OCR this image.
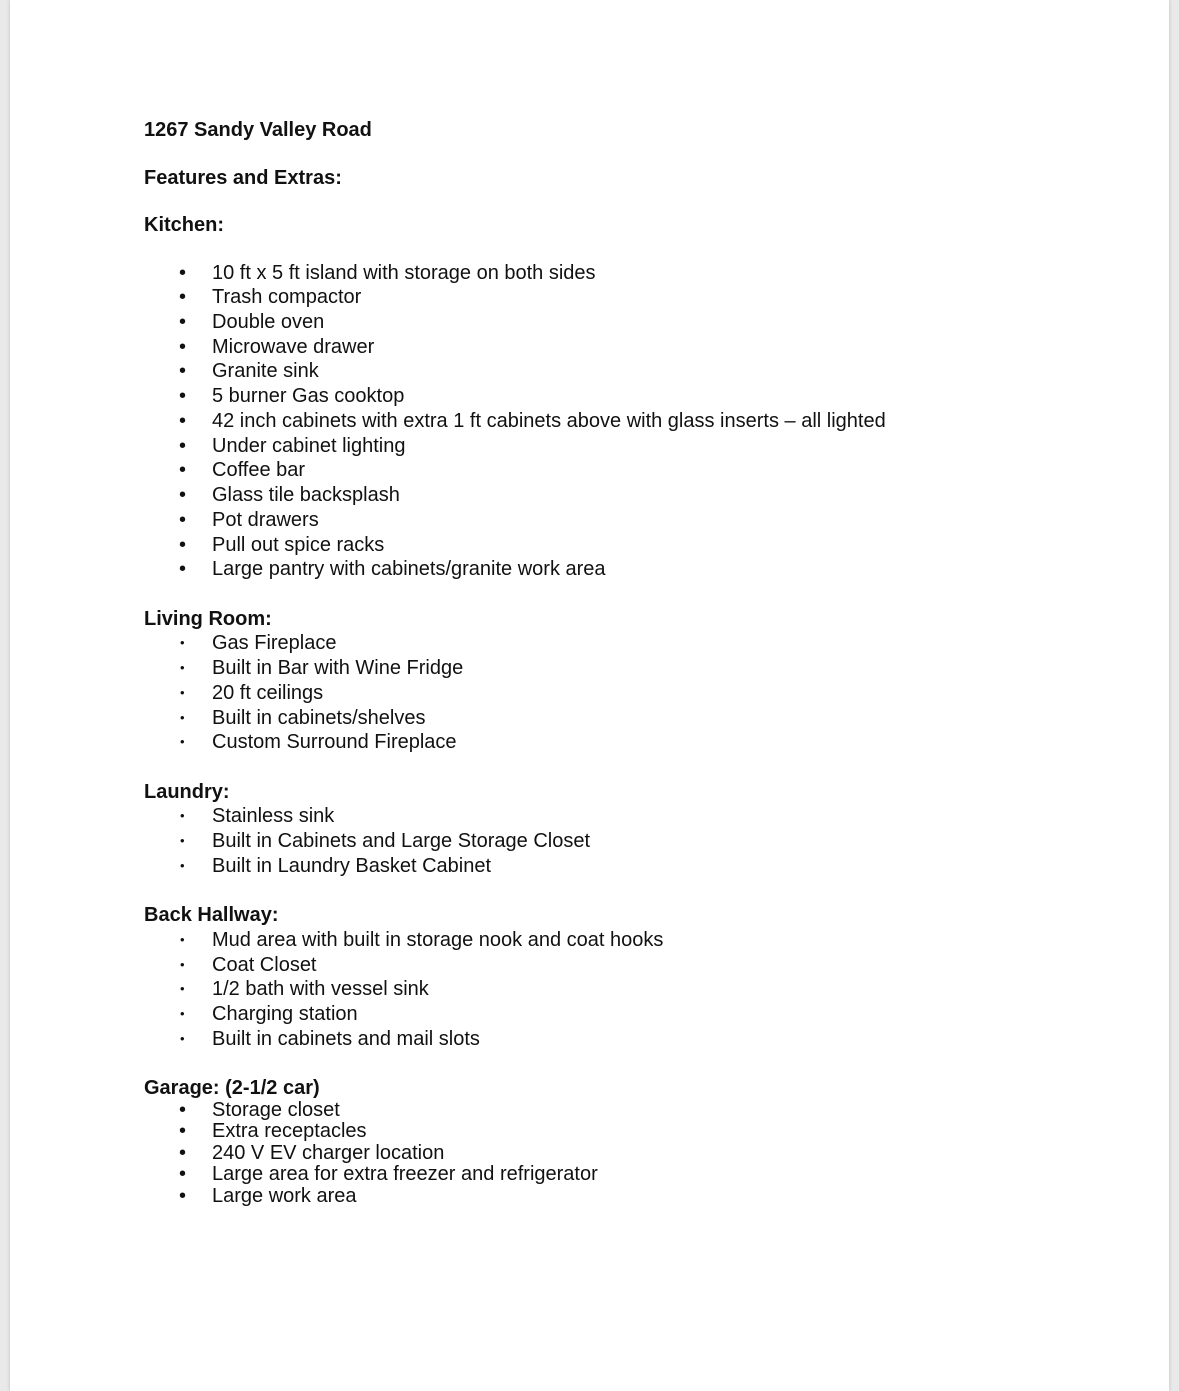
1267 Sandy Valley Road
Features and Extras:
Kitchen:
•	10 ft x 5 ft island with storage on both sides
•	Trash compactor
•	Double oven
•	Microwave drawer
•	Granite sink
•	5 burner Gas cooktop
•	42 inch cabinets with extra 1 ft cabinets above with glass inserts – all lighted
•	Under cabinet lighting
•	Coffee bar
•	Glass tile backsplash
•	Pot drawers
•	Pull out spice racks
•	Large pantry with cabinets/granite work area
Living Room:
•	Gas Fireplace
•	Built in Bar with Wine Fridge
•	20 ft ceilings
•	Built in cabinets/shelves
•	Custom Surround Fireplace
Laundry:
•	Stainless sink
•	Built in Cabinets and Large Storage Closet
•	Built in Laundry Basket Cabinet
Back Hallway:
•	Mud area with built in storage nook and coat hooks
•	Coat Closet
•	1/2 bath with vessel sink
•	Charging station
•	Built in cabinets and mail slots
Garage: (2-1/2 car)
•	Storage closet
•	Extra receptacles
•	240 V EV charger location
•	Large area for extra freezer and refrigerator
•	Large work area
